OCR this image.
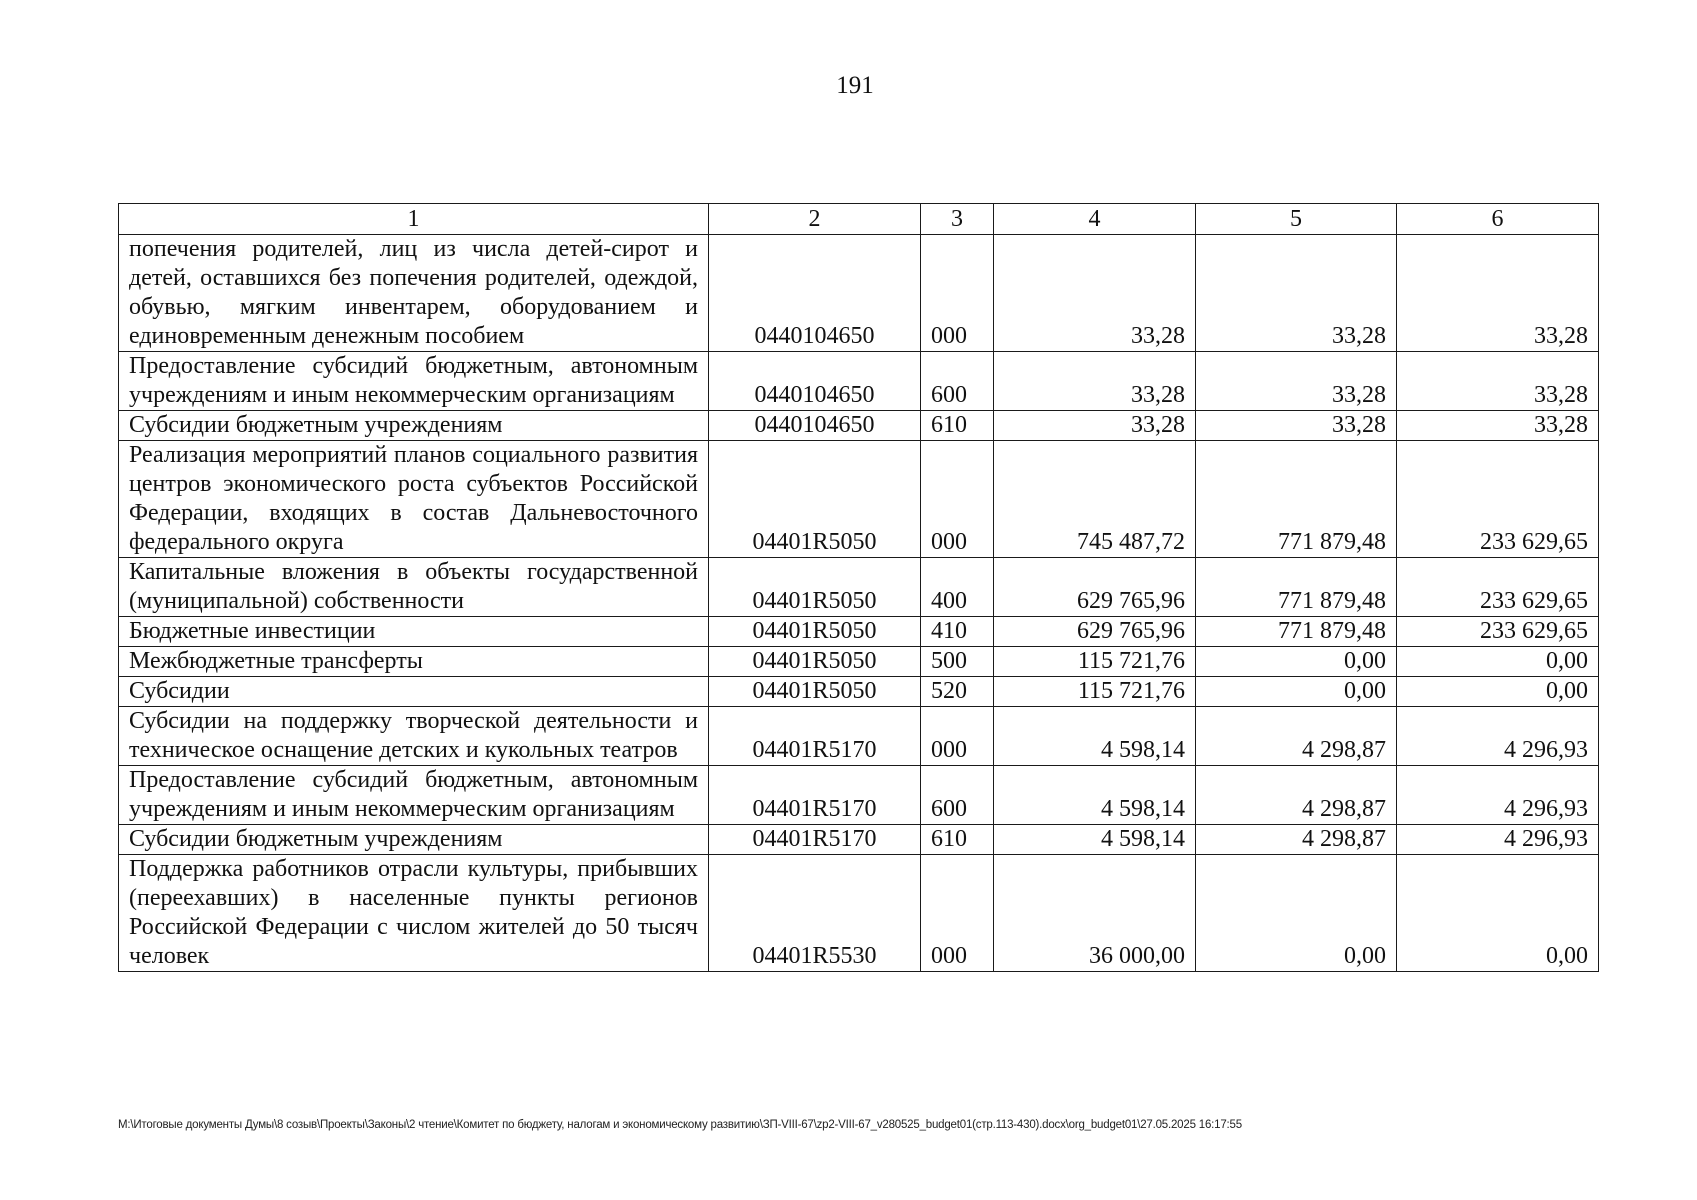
191
1	2	3	4	5	6
попечения родителей, лиц из числа детей-сирот и детей, оставшихся без попечения родителей, одеждой, обувью, мягким инвентарем, оборудованием и единовременным денежным пособием	0440104650	000	33,28	33,28	33,28
Предоставление субсидий бюджетным, автономным учреждениям и иным некоммерческим организациям	0440104650	600	33,28	33,28	33,28
Субсидии бюджетным учреждениям	0440104650	610	33,28	33,28	33,28
Реализация мероприятий планов социального развития центров экономического роста субъектов Российской Федерации, входящих в состав Дальневосточного федерального округа	04401R5050	000	745 487,72	771 879,48	233 629,65
Капитальные вложения в объекты государственной (муниципальной) собственности	04401R5050	400	629 765,96	771 879,48	233 629,65
Бюджетные инвестиции	04401R5050	410	629 765,96	771 879,48	233 629,65
Межбюджетные трансферты	04401R5050	500	115 721,76	0,00	0,00
Субсидии	04401R5050	520	115 721,76	0,00	0,00
Субсидии на поддержку творческой деятельности и техническое оснащение детских и кукольных театров	04401R5170	000	4 598,14	4 298,87	4 296,93
Предоставление субсидий бюджетным, автономным учреждениям и иным некоммерческим организациям	04401R5170	600	4 598,14	4 298,87	4 296,93
Субсидии бюджетным учреждениям	04401R5170	610	4 598,14	4 298,87	4 296,93
Поддержка работников отрасли культуры, прибывших (переехавших) в населенные пункты регионов Российской Федерации с числом жителей до 50 тысяч человек	04401R5530	000	36 000,00	0,00	0,00
M:\Итоговые документы Думы\8 созыв\Проекты\Законы\2 чтение\Комитет по бюджету, налогам и экономическому развитию\ЗП-VIII-67\zp2-VIII-67_v280525_budget01(стр.113-430).docx\org_budget01\27.05.2025 16:17:55
